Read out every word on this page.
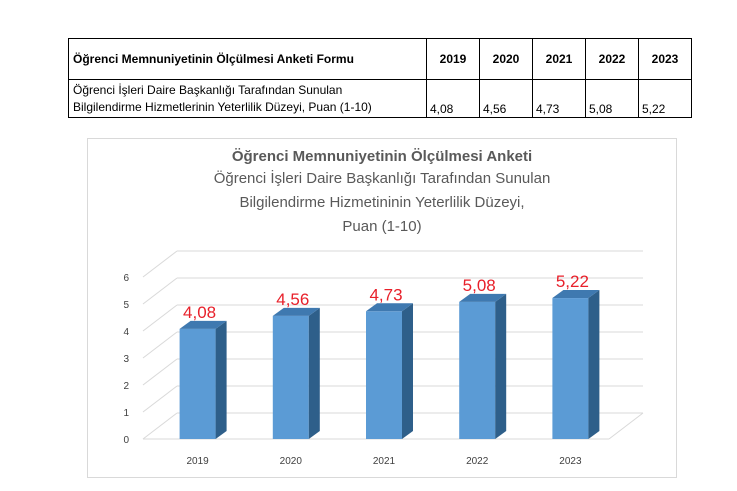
Öğrenci Memnuniyetinin Ölçülmesi Anketi Formu	2019	2020	2021	2022	2023

Öğrenci İşleri Daire Başkanlığı Tarafından Sunulan
Bilgilendirme Hizmetlerinin Yeterlilik Düzeyi, Puan (1-10)	4,08	4,56	4,73	5,08	5,22
Öğrenci Memnuniyetinin Ölçülmesi Anketi
Öğrenci İşleri Daire Başkanlığı Tarafından Sunulan
Bilgilendirme Hizmetininin Yeterlilik Düzeyi,
Puan (1-10)
0
1
2
3
4
5
6
4,08
2019
4,56
2020
4,73
2021
5,08
2022
5,22
2023
